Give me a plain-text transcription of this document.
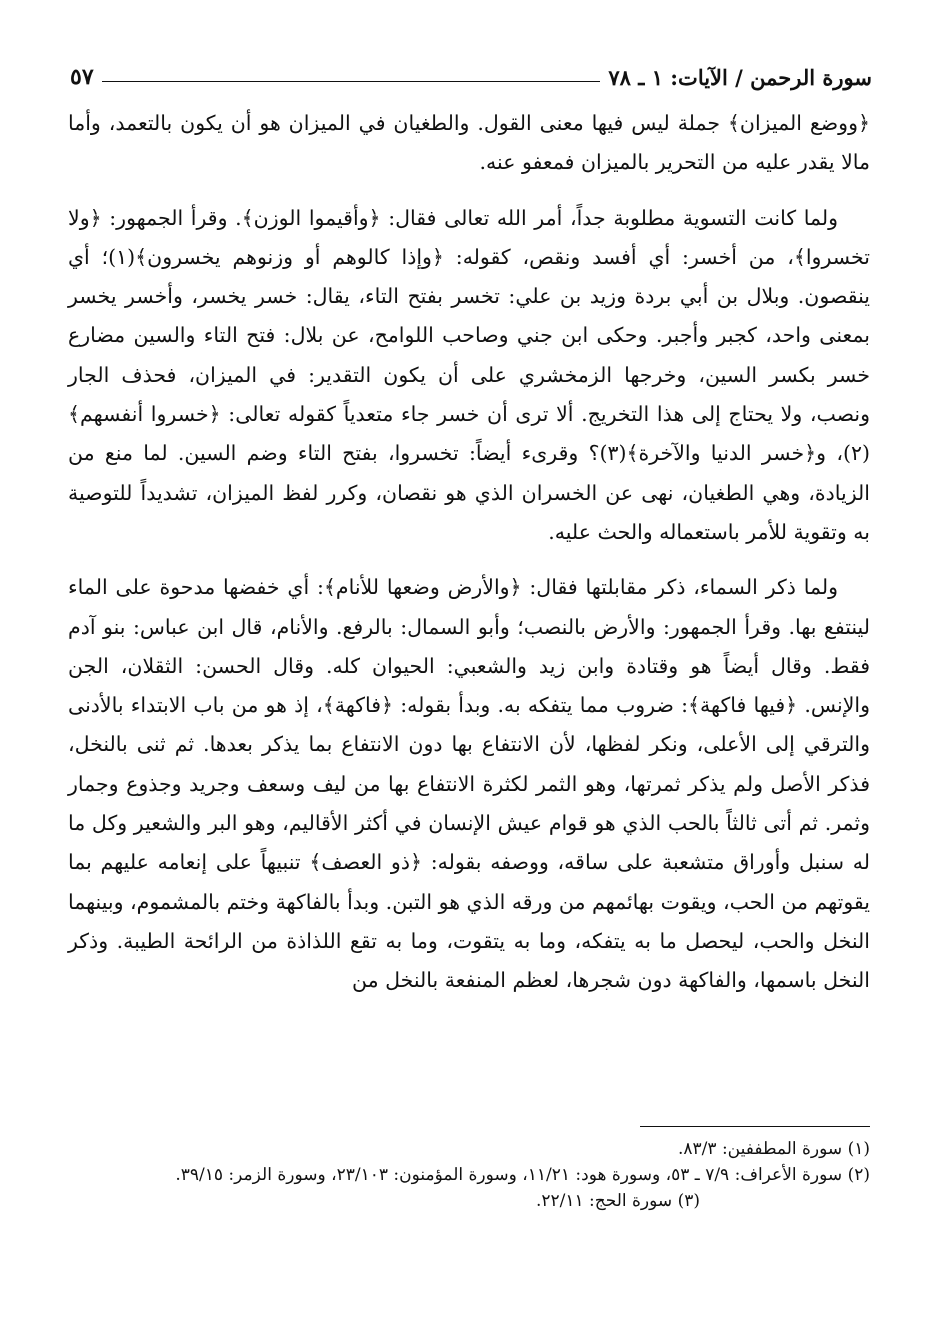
٥٧	سورة الرحمن / الآيات: ١ ـ ٧٨

﴿ووضع الميزان﴾ جملة ليس فيها معنى القول. والطغيان في الميزان هو أن يكون بالتعمد، وأما مالا يقدر عليه من التحرير بالميزان فمعفو عنه.

ولما كانت التسوية مطلوبة جداً، أمر الله تعالى فقال: ﴿وأقيموا الوزن﴾. وقرأ الجمهور: ﴿ولا تخسروا﴾، من أخسر: أي أفسد ونقص، كقوله: ﴿وإذا كالوهم أو وزنوهم يخسرون﴾(١)؛ أي ينقصون. وبلال بن أبي بردة وزيد بن علي: تخسر بفتح التاء، يقال: خسر يخسر، وأخسر يخسر بمعنى واحد، كجبر وأجبر. وحكى ابن جني وصاحب اللوامح، عن بلال: فتح التاء والسين مضارع خسر بكسر السين، وخرجها الزمخشري على أن يكون التقدير: في الميزان، فحذف الجار ونصب، ولا يحتاج إلى هذا التخريج. ألا ترى أن خسر جاء متعدياً كقوله تعالى: ﴿خسروا أنفسهم﴾(٢)، و﴿خسر الدنيا والآخرة﴾(٣)؟ وقرىء أيضاً: تخسروا، بفتح التاء وضم السين. لما منع من الزيادة، وهي الطغيان، نهى عن الخسران الذي هو نقصان، وكرر لفظ الميزان، تشديداً للتوصية به وتقوية للأمر باستعماله والحث عليه.

ولما ذكر السماء، ذكر مقابلتها فقال: ﴿والأرض وضعها للأنام﴾: أي خفضها مدحوة على الماء لينتفع بها. وقرأ الجمهور: والأرض بالنصب؛ وأبو السمال: بالرفع. والأنام، قال ابن عباس: بنو آدم فقط. وقال أيضاً هو وقتادة وابن زيد والشعبي: الحيوان كله. وقال الحسن: الثقلان، الجن والإنس. ﴿فيها فاكهة﴾: ضروب مما يتفكه به. وبدأ بقوله: ﴿فاكهة﴾، إذ هو من باب الابتداء بالأدنى والترقي إلى الأعلى، ونكر لفظها، لأن الانتفاع بها دون الانتفاع بما يذكر بعدها. ثم ثنى بالنخل، فذكر الأصل ولم يذكر ثمرتها، وهو الثمر لكثرة الانتفاع بها من ليف وسعف وجريد وجذوع وجمار وثمر. ثم أتى ثالثاً بالحب الذي هو قوام عيش الإنسان في أكثر الأقاليم، وهو البر والشعير وكل ما له سنبل وأوراق متشعبة على ساقه، ووصفه بقوله: ﴿ذو العصف﴾ تنبيهاً على إنعامه عليهم بما يقوتهم من الحب، ويقوت بهائمهم من ورقه الذي هو التبن. وبدأ بالفاكهة وختم بالمشموم، وبينهما النخل والحب، ليحصل ما به يتفكه، وما به يتقوت، وما به تقع اللذاذة من الرائحة الطيبة. وذكر النخل باسمها، والفاكهة دون شجرها، لعظم المنفعة بالنخل من

(١) سورة المطففين: ٨٣/٣.

(٢) سورة الأعراف: ٧/٩ ـ ٥٣، وسورة هود: ١١/٢١، وسورة المؤمنون: ٢٣/١٠٣، وسورة الزمر: ٣٩/١٥.

(٣) سورة الحج: ٢٢/١١.
